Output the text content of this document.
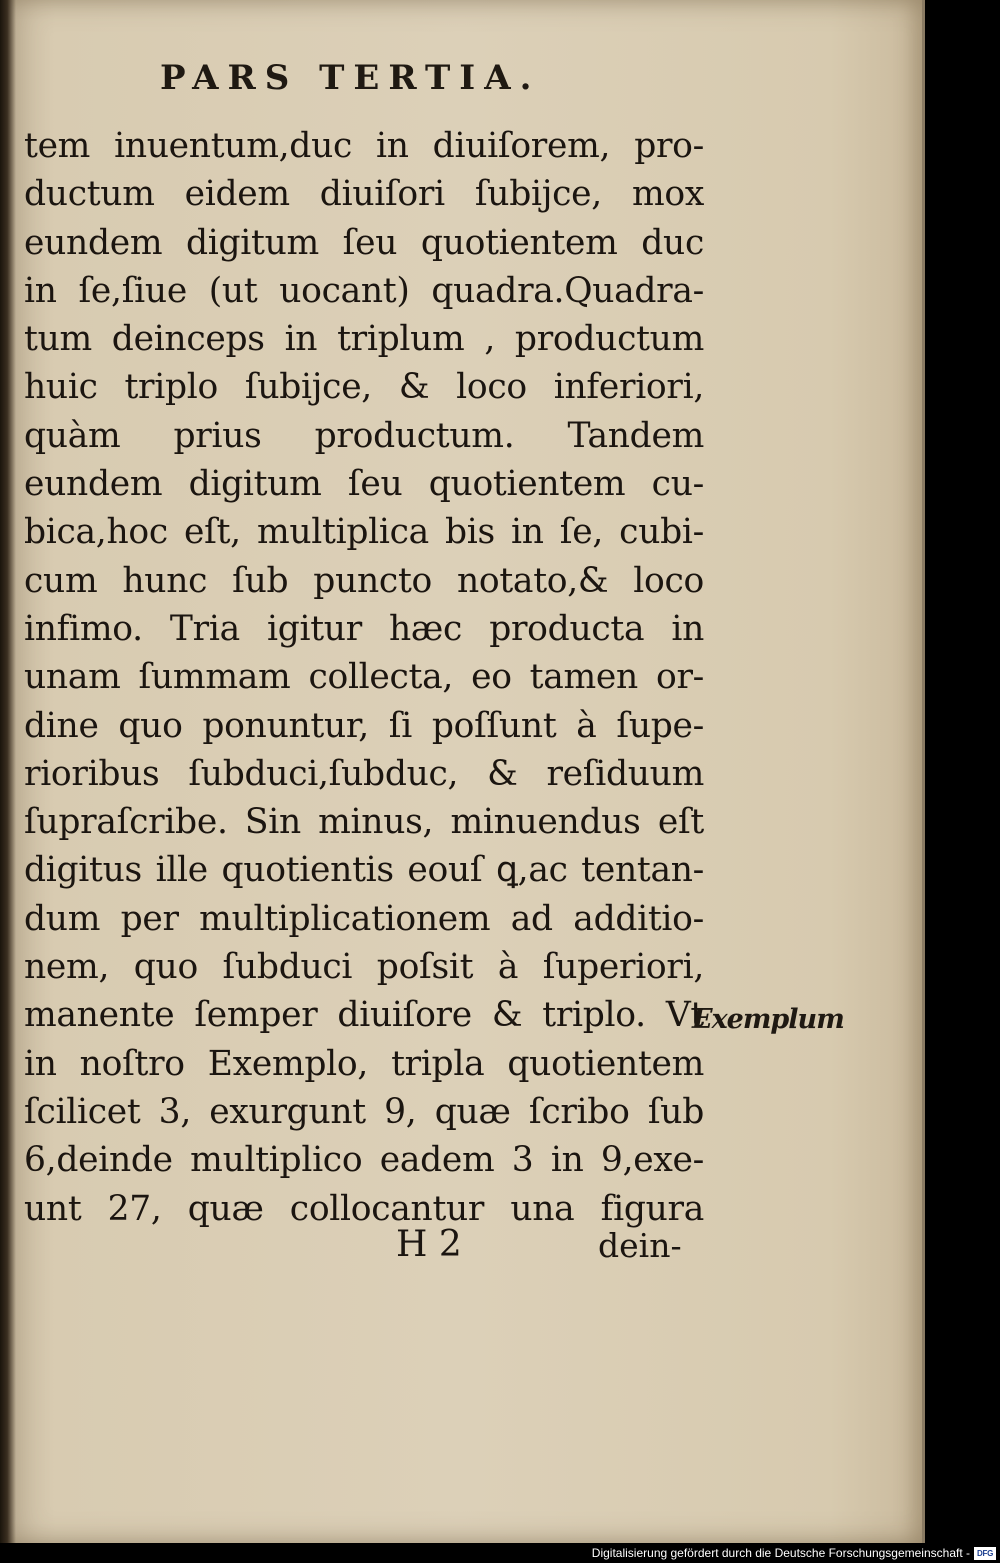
PARS TERTIA.
tem inuentum,duc in diuiſorem, pro‑
ductum eidem diuiſori ſubijce, mox
eundem digitum ſeu quotientem duc
in ſe,ſiue (ut uocant) quadra.Quadra‑
tum deinceps in triplum , productum
huic triplo ſubijce, & loco inferiori,
quàm prius productum. Tandem
eundem digitum ſeu quotientem cu‑
bica,hoc eſt, multiplica bis in ſe, cubi‑
cum hunc ſub puncto notato,& loco
infimo. Tria igitur hæc producta in
unam ſummam collecta, eo tamen or‑
dine quo ponuntur, ſi poſſunt à ſupe‑
rioribus ſubduci,ſubduc, & reſiduum
ſupraſcribe. Sin minus, minuendus eſt
digitus ille quotientis eouſ ꝗ,ac tentan‑
dum per multiplicationem ad additio‑
nem, quo ſubduci poſsit à ſuperiori,
manente ſemper diuiſore & triplo. Vt
in noſtro Exemplo, tripla quotientem
ſcilicet 3, exurgunt 9, quæ ſcribo ſub
6,deinde multiplico eadem 3 in 9,exe‑
unt 27, quæ collocantur una figura
Exemplum
H 2	dein‑
Digitalisierung gefördert durch die Deutsche Forschungsgemeinschaft - DFG
